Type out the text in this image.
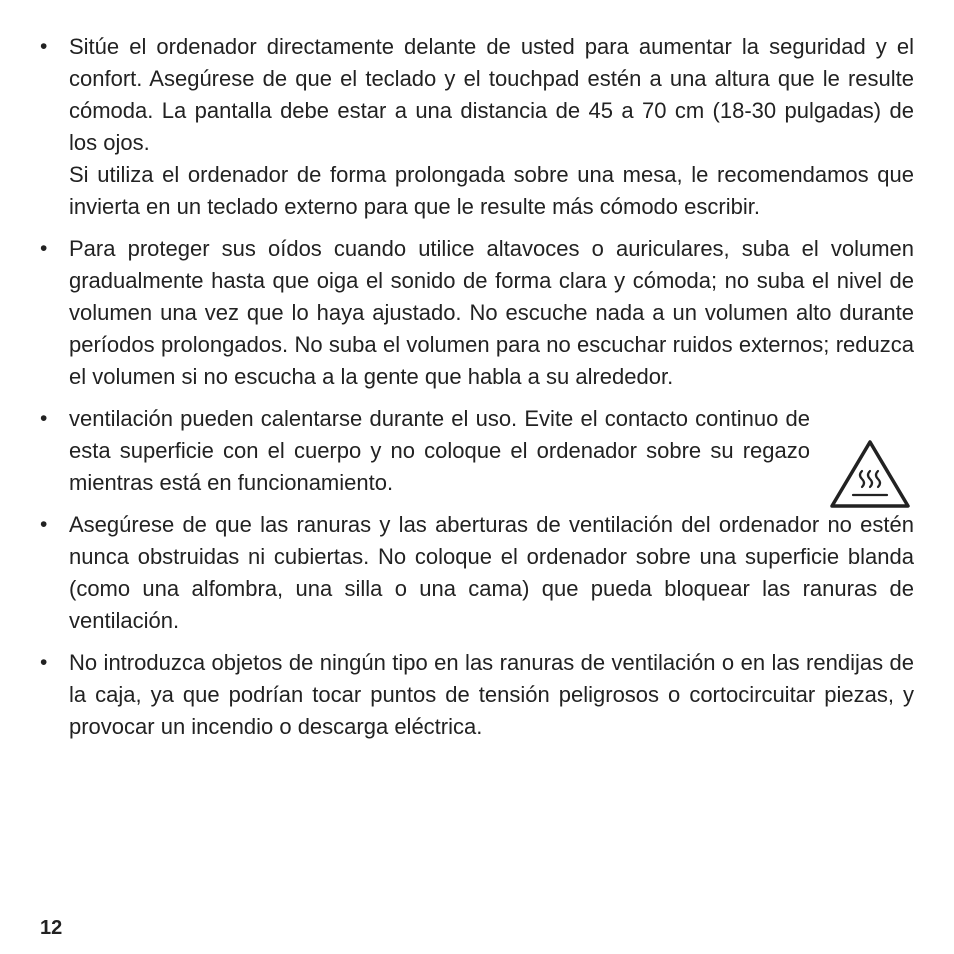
• Sitúe el ordenador directamente delante de usted para aumentar la seguridad y el confort. Asegúrese de que el teclado y el touchpad estén a una altura que le resulte cómoda. La pantalla debe estar a una distancia de 45 a 70 cm (18-30 pulgadas) de los ojos.

Si utiliza el ordenador de forma prolongada sobre una mesa, le recomendamos que invierta en un teclado externo para que le resulte más cómodo escribir.

• Para proteger sus oídos cuando utilice altavoces o auriculares, suba el volumen gradualmente hasta que oiga el sonido de forma clara y cómoda; no suba el nivel de volumen una vez que lo haya ajustado. No escuche nada a un volumen alto durante períodos prolongados. No suba el volumen para no escuchar ruidos externos; reduzca el volumen si no escucha a la gente que habla a su alrededor.

• ventilación pueden calentarse durante el uso. Evite el contacto continuo de esta superficie con el cuerpo y no coloque el ordenador sobre su regazo mientras está en funcionamiento.

• Asegúrese de que las ranuras y las aberturas de ventilación del ordenador no estén nunca obstruidas ni cubiertas. No coloque el ordenador sobre una superficie blanda (como una alfombra, una silla o una cama) que pueda bloquear las ranuras de ventilación.

• No introduzca objetos de ningún tipo en las ranuras de ventilación o en las rendijas de la caja, ya que podrían tocar puntos de tensión peligrosos o cortocircuitar piezas, y provocar un incendio o descarga eléctrica.

12
